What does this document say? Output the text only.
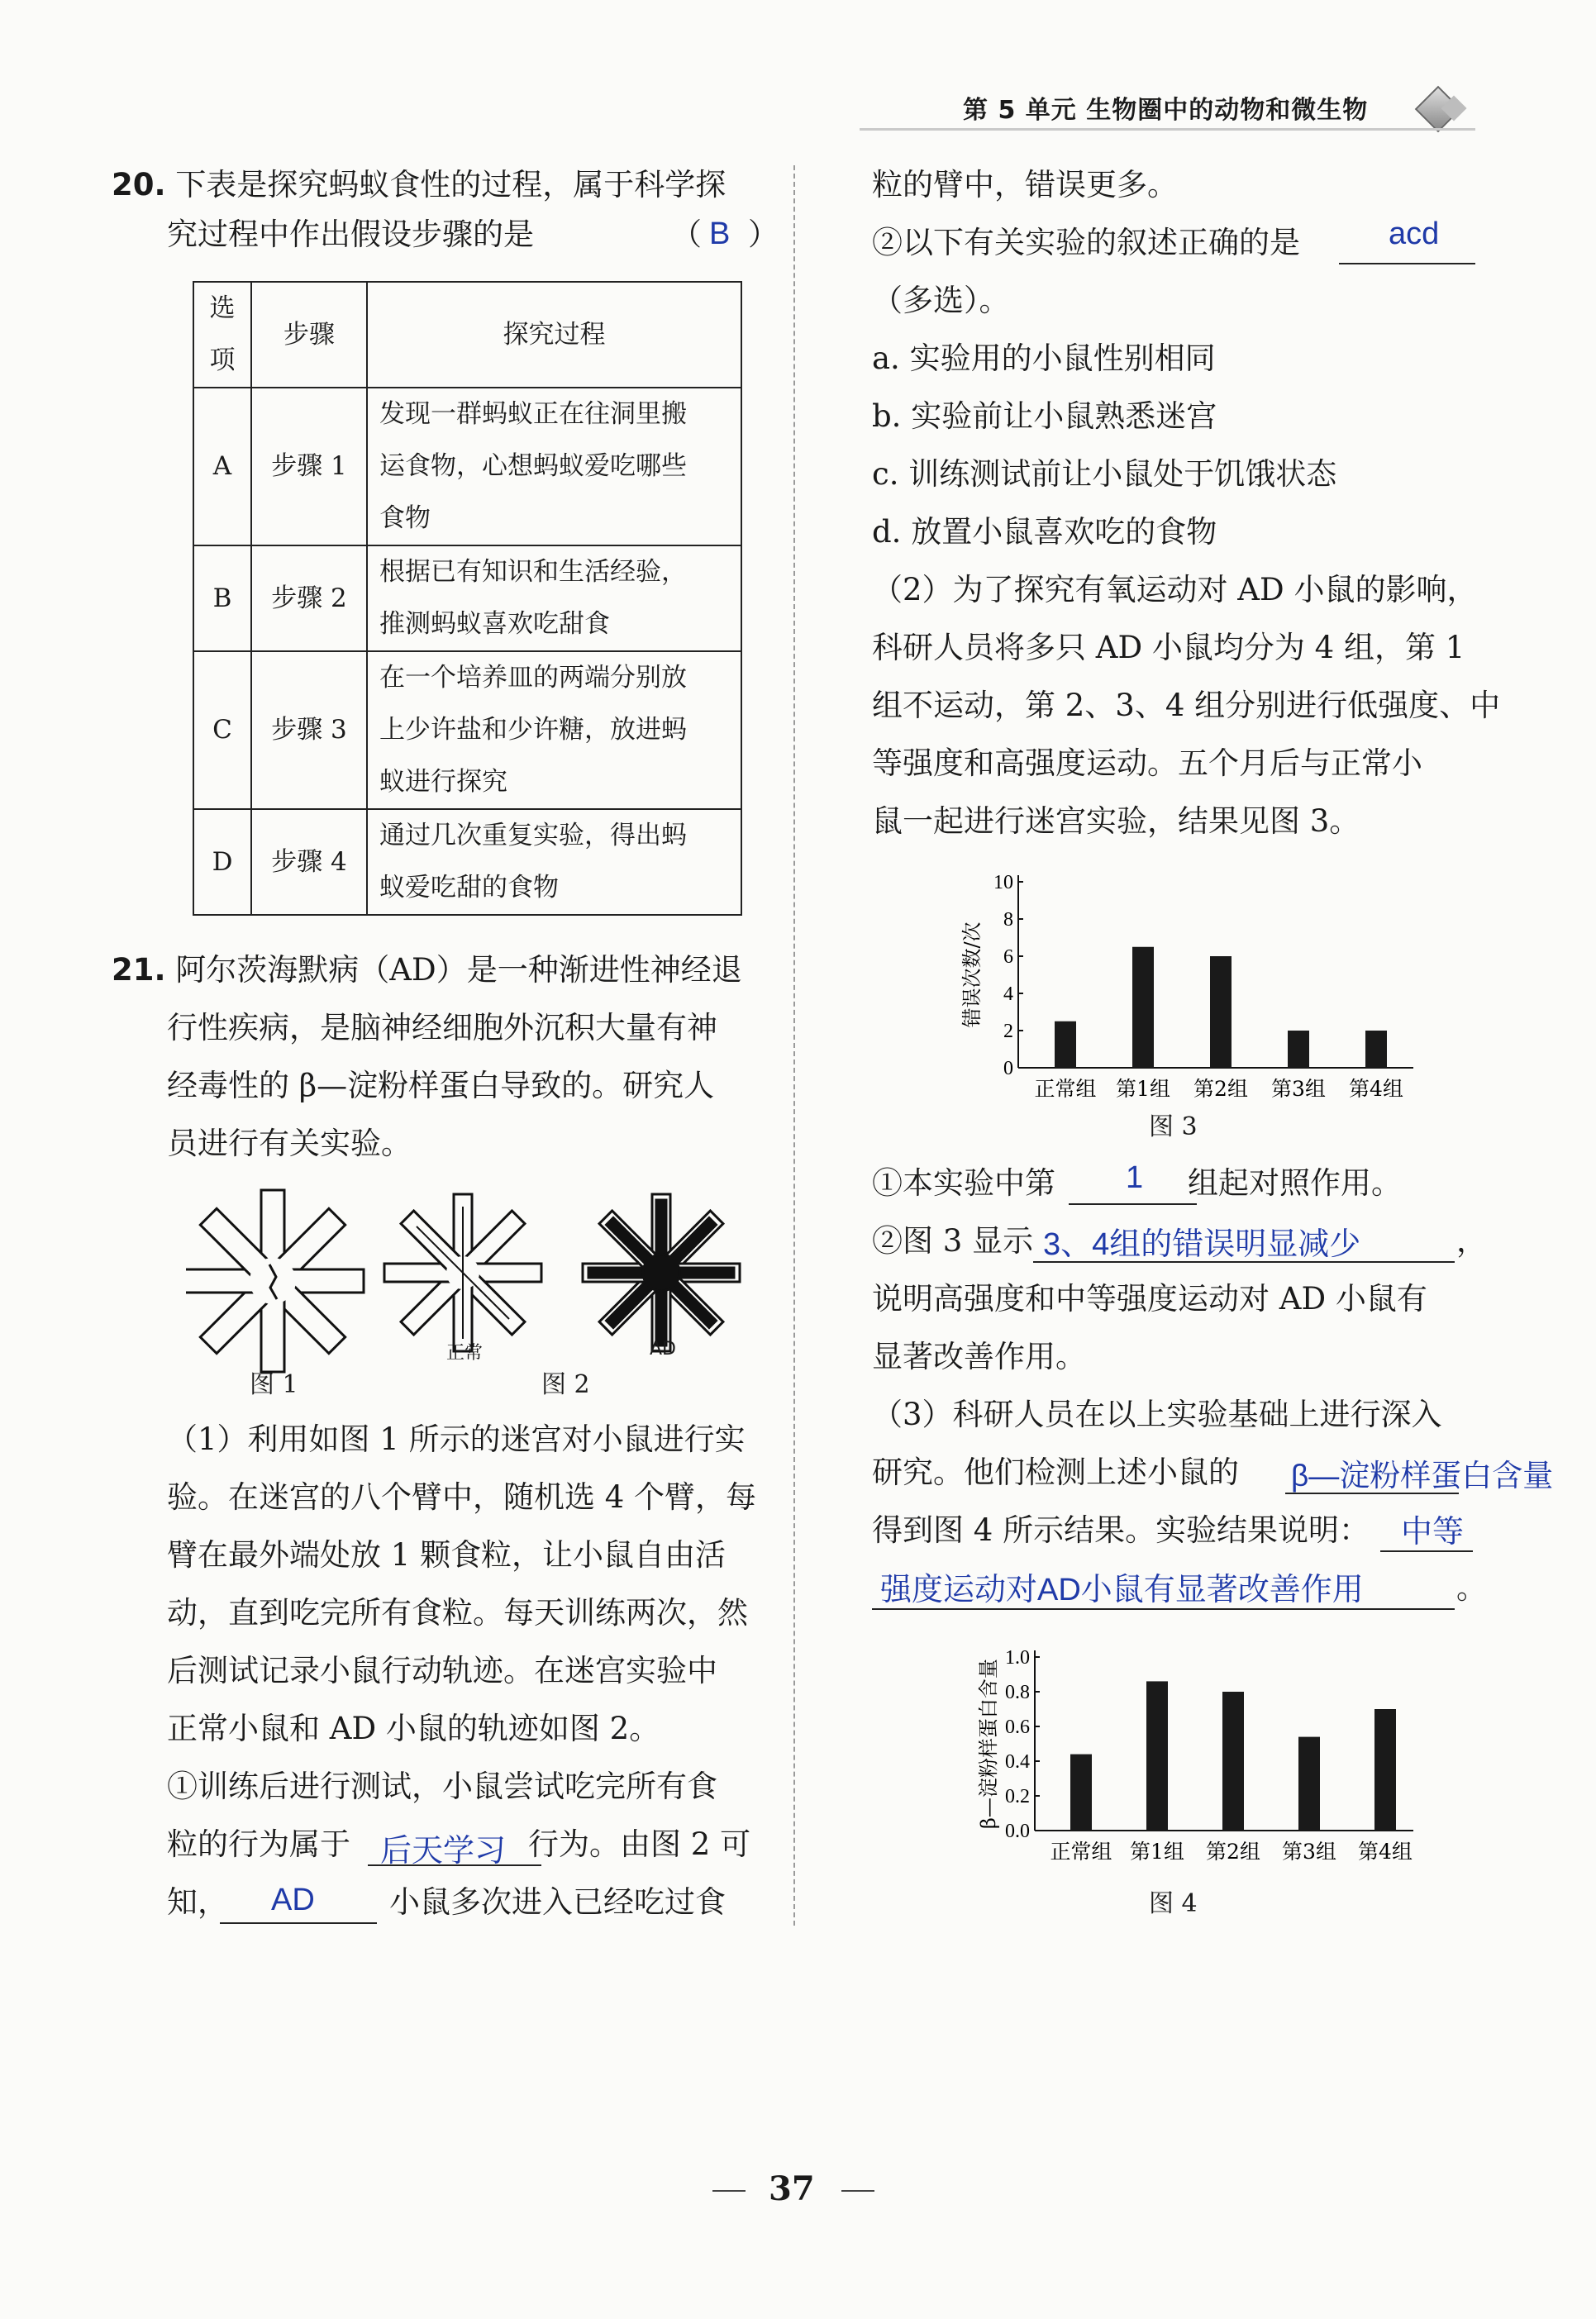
第 5 单元 生物圈中的动物和微生物
20. 下表是探究蚂蚁食性的过程，属于科学探
究过程中作出假设步骤的是	（ ）
B
选项	步骤	探究过程
A	步骤 1	发现一群蚂蚁正在往洞里搬
运食物，心想蚂蚁爱吃哪些
食物

B	步骤 2	根据已有知识和生活经验，
推测蚂蚁喜欢吃甜食

C	步骤 3	在一个培养皿的两端分别放
上少许盐和少许糖，放进蚂
蚁进行探究

D	步骤 4	通过几次重复实验，得出蚂
蚁爱吃甜的食物
21. 阿尔茨海默病（AD）是一种渐进性神经退
行性疾病，是脑神经细胞外沉积大量有神
经毒性的 β—淀粉样蛋白导致的。研究人
员进行有关实验。
正常	AD
图 1	图 2
（1）利用如图 1 所示的迷宫对小鼠进行实
验。在迷宫的八个臂中，随机选 4 个臂，每
臂在最外端处放 1 颗食粒，让小鼠自由活
动，直到吃完所有食粒。每天训练两次，然
后测试记录小鼠行动轨迹。在迷宫实验中
正常小鼠和 AD 小鼠的轨迹如图 2。
①训练后进行测试，小鼠尝试吃完所有食
粒的行为属于	行为。由图 2 可
后天学习
知，	小鼠多次进入已经吃过食
AD
粒的臂中，错误更多。
②以下有关实验的叙述正确的是	acd
（多选）。
a. 实验用的小鼠性别相同
b. 实验前让小鼠熟悉迷宫
c. 训练测试前让小鼠处于饥饿状态
d. 放置小鼠喜欢吃的食物
（2）为了探究有氧运动对 AD 小鼠的影响，
科研人员将多只 AD 小鼠均分为 4 组，第 1
组不运动，第 2、3、4 组分别进行低强度、中
等强度和高强度运动。五个月后与正常小
鼠一起进行迷宫实验，结果见图 3。
0
2
4
6
8
10
正常组 第1组 第2组 第3组 第4组
错误次数/次
图 3
①本实验中第	组起对照作用。
1
②图 3 显示 3、4组的错误明显减少	，
说明高强度和中等强度运动对 AD 小鼠有
显著改善作用。
（3）科研人员在以上实验基础上进行深入
研究。他们检测上述小鼠的 β—淀粉样蛋白含量
得到图 4 所示结果。实验结果说明： 中等
强度运动对AD小鼠有显著改善作用	。
0.0
0.2
0.4
0.6
0.8
1.0
正常组 第1组 第2组 第3组 第4组
β—淀粉样蛋白含量
图 4
37
